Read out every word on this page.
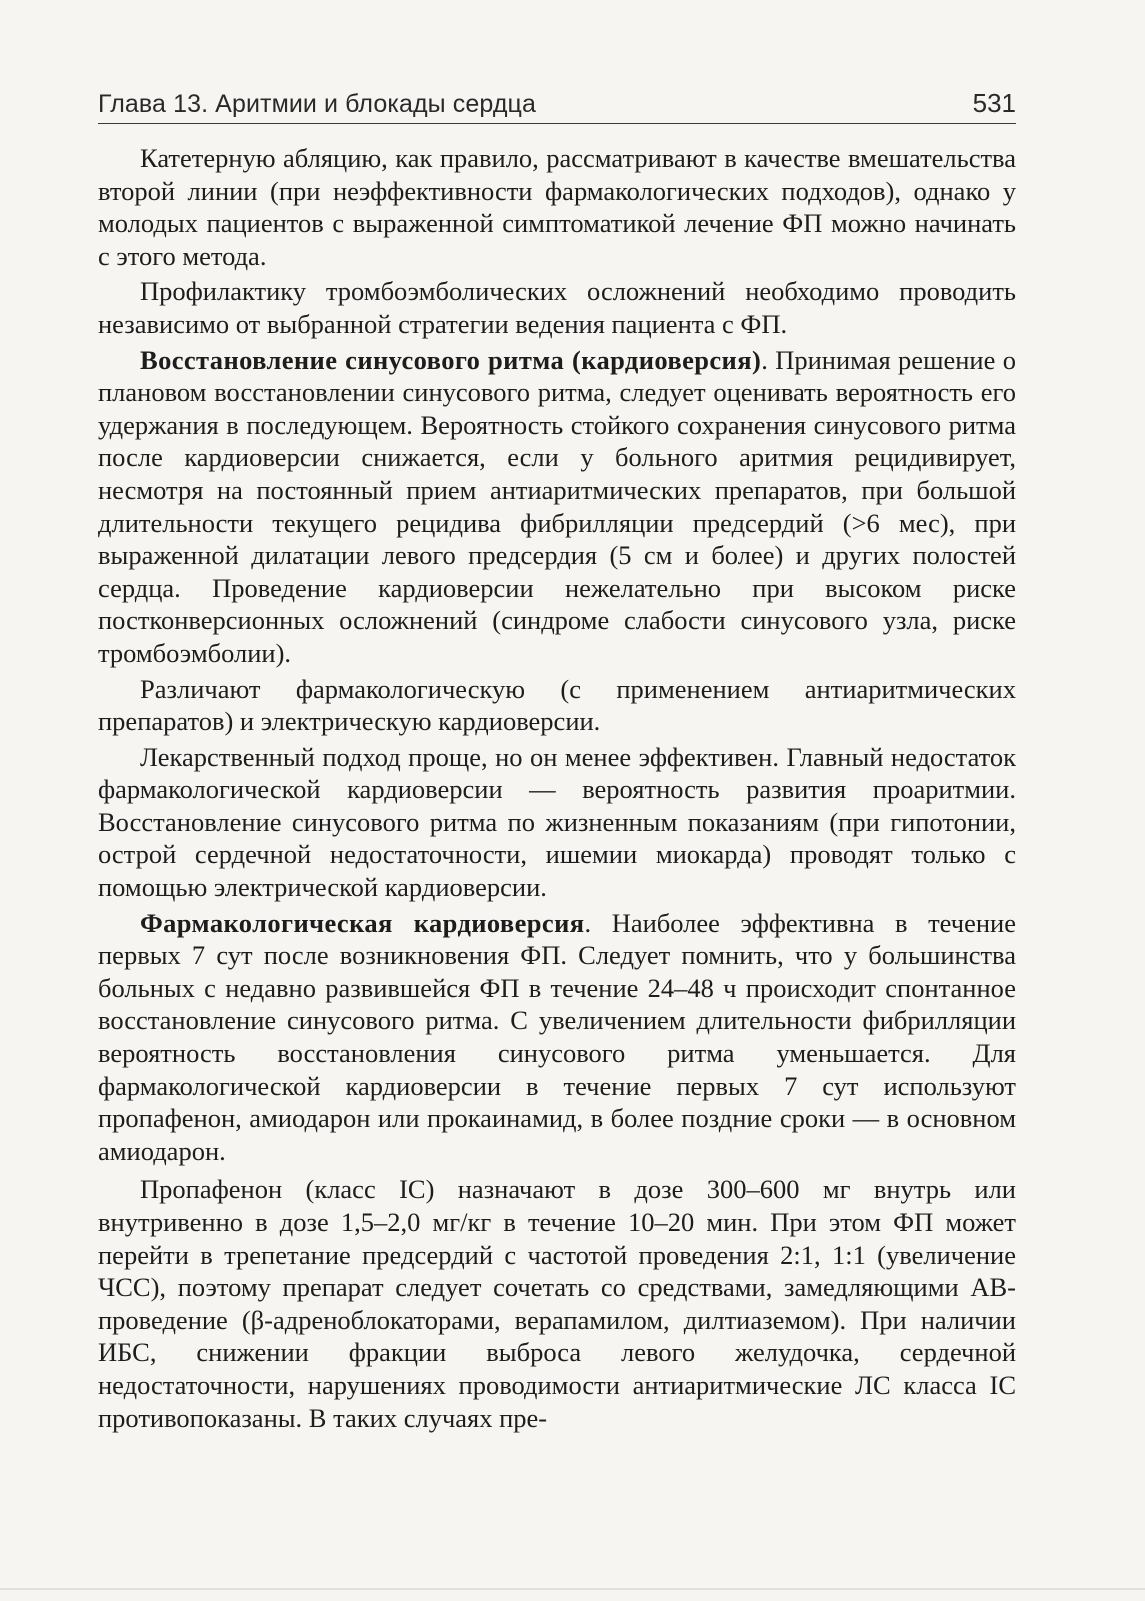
Глава 13. Аритмии и блокады сердца	531

Катетерную абляцию, как правило, рассматривают в качестве вмешательства второй линии (при неэффективности фармакологических подходов), однако у молодых пациентов с выраженной симптоматикой лечение ФП можно начинать с этого метода.

Профилактику тромбоэмболических осложнений необходимо проводить независимо от выбранной стратегии ведения пациента с ФП.

Восстановление синусового ритма (кардиоверсия). Принимая решение о плановом восстановлении синусового ритма, следует оценивать вероятность его удержания в последующем. Вероятность стойкого сохранения синусового ритма после кардиоверсии снижается, если у больного аритмия рецидивирует, несмотря на постоянный прием антиаритмических препаратов, при большой длительности текущего рецидива фибрилляции предсердий (>6 мес), при выраженной дилатации левого предсердия (5 см и более) и других полостей сердца. Проведение кардиоверсии нежелательно при высоком риске постконверсионных осложнений (синдроме слабости синусового узла, риске тромбоэмболии).

Различают фармакологическую (с применением антиаритмических препаратов) и электрическую кардиоверсии.

Лекарственный подход проще, но он менее эффективен. Главный недостаток фармакологической кардиоверсии — вероятность развития проаритмии. Восстановление синусового ритма по жизненным показаниям (при гипотонии, острой сердечной недостаточности, ишемии миокарда) проводят только с помощью электрической кардиоверсии.

Фармакологическая кардиоверсия. Наиболее эффективна в течение первых 7 сут после возникновения ФП. Следует помнить, что у большинства больных с недавно развившейся ФП в течение 24–48 ч происходит спонтанное восстановление синусового ритма. С увеличением длительности фибрилляции вероятность восстановления синусового ритма уменьшается. Для фармакологической кардиоверсии в течение первых 7 сут используют пропафенон, амиодарон или прокаинамид, в более поздние сроки — в основном амиодарон.

Пропафенон (класс IC) назначают в дозе 300–600 мг внутрь или внутривенно в дозе 1,5–2,0 мг/кг в течение 10–20 мин. При этом ФП может перейти в трепетание предсердий с частотой проведения 2:1, 1:1 (увеличение ЧСС), поэтому препарат следует сочетать со средствами, замедляющими АВ-проведение (β-адреноблокаторами, верапамилом, дилтиаземом). При наличии ИБС, снижении фракции выброса левого желудочка, сердечной недостаточности, нарушениях проводимости антиаритмические ЛС класса IC противопоказаны. В таких случаях пре-
